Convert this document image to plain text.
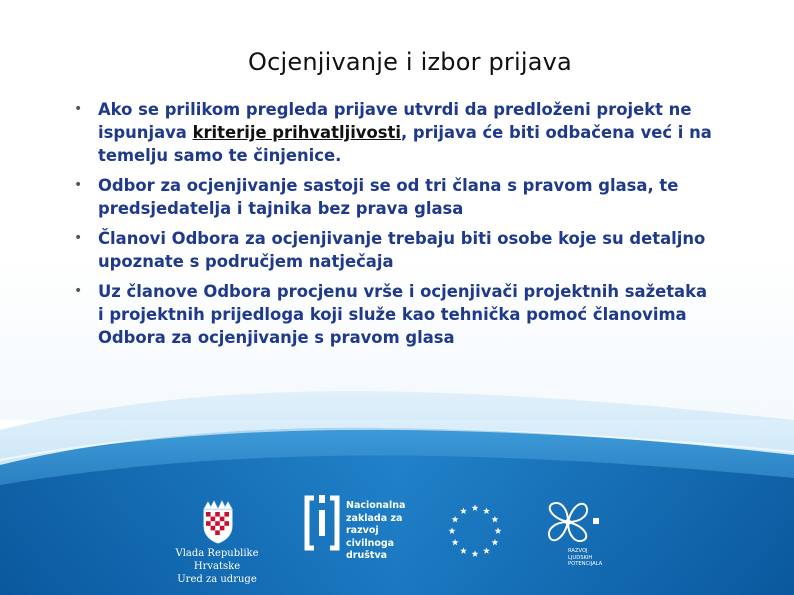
Ocjenjivanje i izbor prijava
• Ako se prilikom pregleda prijave utvrdi da predloženi projekt ne ispunjava kriterije prihvatljivosti, prijava će biti odbačena već i na temelju samo te činjenice.
• Odbor za ocjenjivanje sastoji se od tri člana s pravom glasa, te predsjedatelja i tajnika bez prava glasa
• Članovi Odbora za ocjenjivanje trebaju biti osobe koje su detaljno upoznate s područjem natječaja
• Uz članove Odbora procjenu vrše i ocjenjivači projektnih sažetaka i projektnih prijedloga koji služe kao tehnička pomoć članovima Odbora za ocjenjivanje s pravom glasa
Vlada Republike Hrvatske
Ured za udruge
Nacionalna
zaklada za
razvoj
civilnoga
društva	RAZVOJ
LJUDSKIH
POTENCIJALA
